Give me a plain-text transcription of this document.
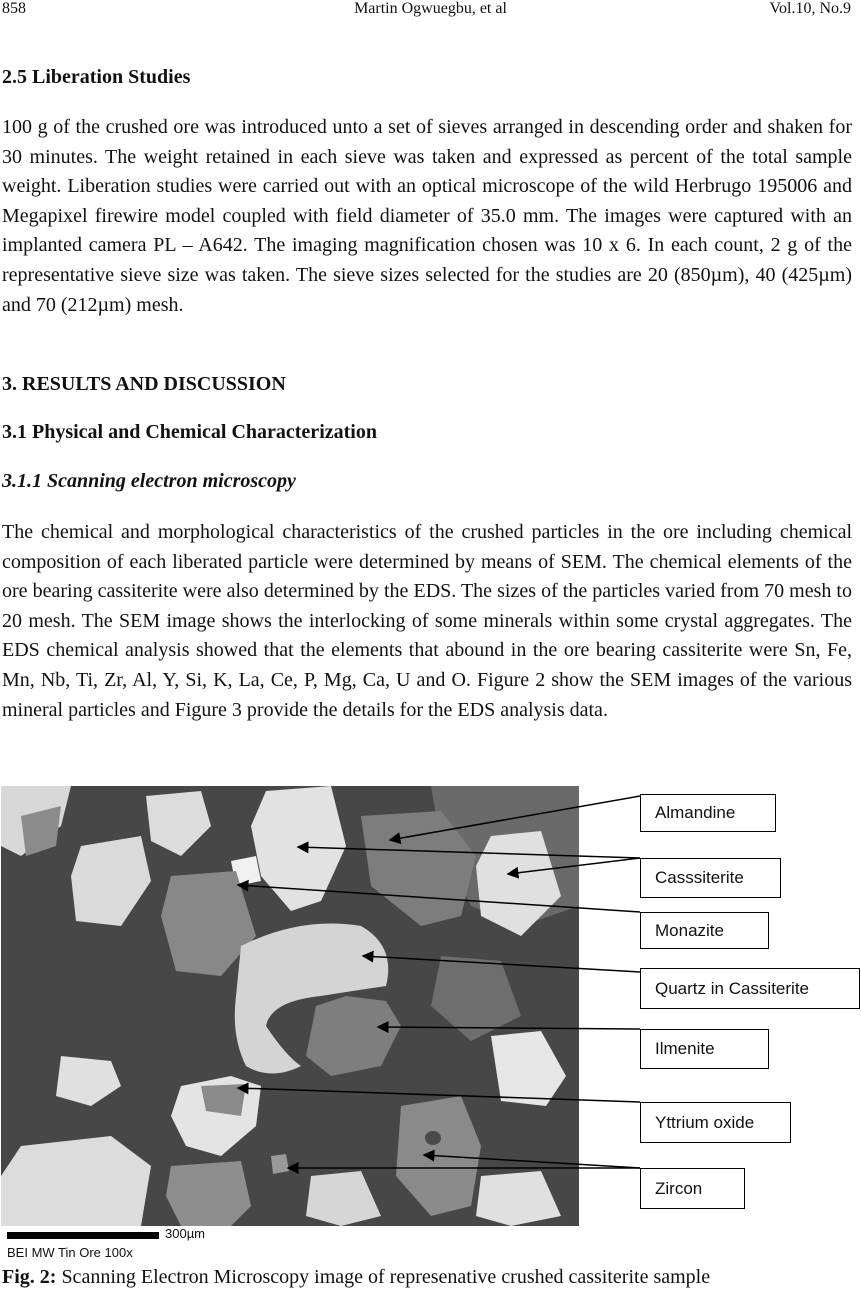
858	Martin Ogwuegbu, et al	Vol.10, No.9
2.5 Liberation Studies

100 g of the crushed ore was introduced unto a set of sieves arranged in descending order and shaken for 30 minutes. The weight retained in each sieve was taken and expressed as percent of the total sample weight. Liberation studies were carried out with an optical microscope of the wild Herbrugo 195006 and Megapixel firewire model coupled with field diameter of 35.0 mm. The images were captured with an implanted camera PL – A642. The imaging magnification chosen was 10 x 6. In each count, 2 g of the representative sieve size was taken. The sieve sizes selected for the studies are 20 (850µm), 40 (425µm) and 70 (212µm) mesh.

3. RESULTS AND DISCUSSION
3.1 Physical and Chemical Characterization
3.1.1 Scanning electron microscopy

The chemical and morphological characteristics of the crushed particles in the ore including chemical composition of each liberated particle were determined by means of SEM. The chemical elements of the ore bearing cassiterite were also determined by the EDS. The sizes of the particles varied from 70 mesh to 20 mesh. The SEM image shows the interlocking of some minerals within some crystal aggregates. The EDS chemical analysis showed that the elements that abound in the ore bearing cassiterite were Sn, Fe, Mn, Nb, Ti, Zr, Al, Y, Si, K, La, Ce, P, Mg, Ca, U and O. Figure 2 show the SEM images of the various mineral particles and Figure 3 provide the details for the EDS analysis data.

300µm
BEI MW Tin Ore 100x
Almandine
Casssiterite
Monazite
Quartz in Cassiterite
Ilmenite
Yttrium oxide
Zircon

Fig. 2: Scanning Electron Microscopy image of represenative crushed cassiterite sample
